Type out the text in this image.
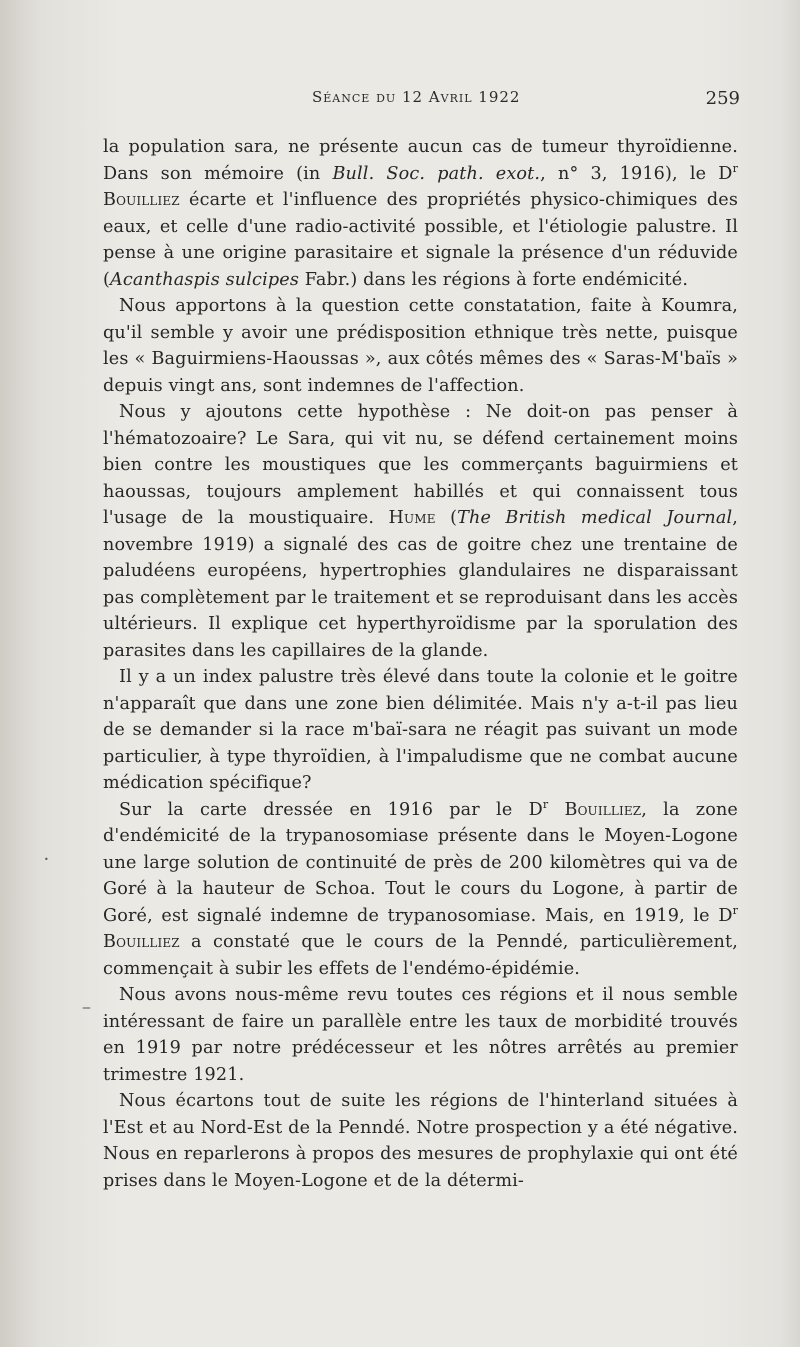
Séance du 12 Avril 1922	259

la population sara, ne présente aucun cas de tumeur thyroïdienne. Dans son mémoire (in Bull. Soc. path. exot., n° 3, 1916), le $D^r$ Bouilliez écarte et l'influence des propriétés physico-chimiques des eaux, et celle d'une radio-activité possible, et l'étiologie palustre. Il pense à une origine parasitaire et signale la présence d'un réduvide (Acanthaspis sulcipes Fabr.) dans les régions à forte endémicité.

Nous apportons à la question cette constatation, faite à Koumra, qu'il semble y avoir une prédisposition ethnique très nette, puisque les « Baguirmiens-Haoussas », aux côtés mêmes des « Saras-M'baïs » depuis vingt ans, sont indemnes de l'affection.

Nous y ajoutons cette hypothèse : Ne doit-on pas penser à l'hématozoaire? Le Sara, qui vit nu, se défend certainement moins bien contre les moustiques que les commerçants baguirmiens et haoussas, toujours amplement habillés et qui connaissent tous l'usage de la moustiquaire. Hume (The British medical Journal, novembre 1919) a signalé des cas de goitre chez une trentaine de paludéens européens, hypertrophies glandulaires ne disparaissant pas complètement par le traitement et se reproduisant dans les accès ultérieurs. Il explique cet hyperthyroïdisme par la sporulation des parasites dans les capillaires de la glande.

Il y a un index palustre très élevé dans toute la colonie et le goitre n'apparaît que dans une zone bien délimitée. Mais n'y a-t-il pas lieu de se demander si la race m'baï-sara ne réagit pas suivant un mode particulier, à type thyroïdien, à l'impaludisme que ne combat aucune médication spécifique?

Sur la carte dressée en 1916 par le $D^r$ Bouilliez, la zone d'endémicité de la trypanosomiase présente dans le Moyen-Logone une large solution de continuité de près de 200 kilomètres qui va de Goré à la hauteur de Schoa. Tout le cours du Logone, à partir de Goré, est signalé indemne de trypanosomiase. Mais, en 1919, le $D^r$ Bouilliez a constaté que le cours de la Penndé, particulièrement, commençait à subir les effets de l'endémo-épidémie.

Nous avons nous-même revu toutes ces régions et il nous semble intéressant de faire un parallèle entre les taux de morbidité trouvés en 1919 par notre prédécesseur et les nôtres arrêtés au premier trimestre 1921.

Nous écartons tout de suite les régions de l'hinterland situées à l'Est et au Nord-Est de la Penndé. Notre prospection y a été négative. Nous en reparlerons à propos des mesures de prophylaxie qui ont été prises dans le Moyen-Logone et de la détermi-

•
‒
